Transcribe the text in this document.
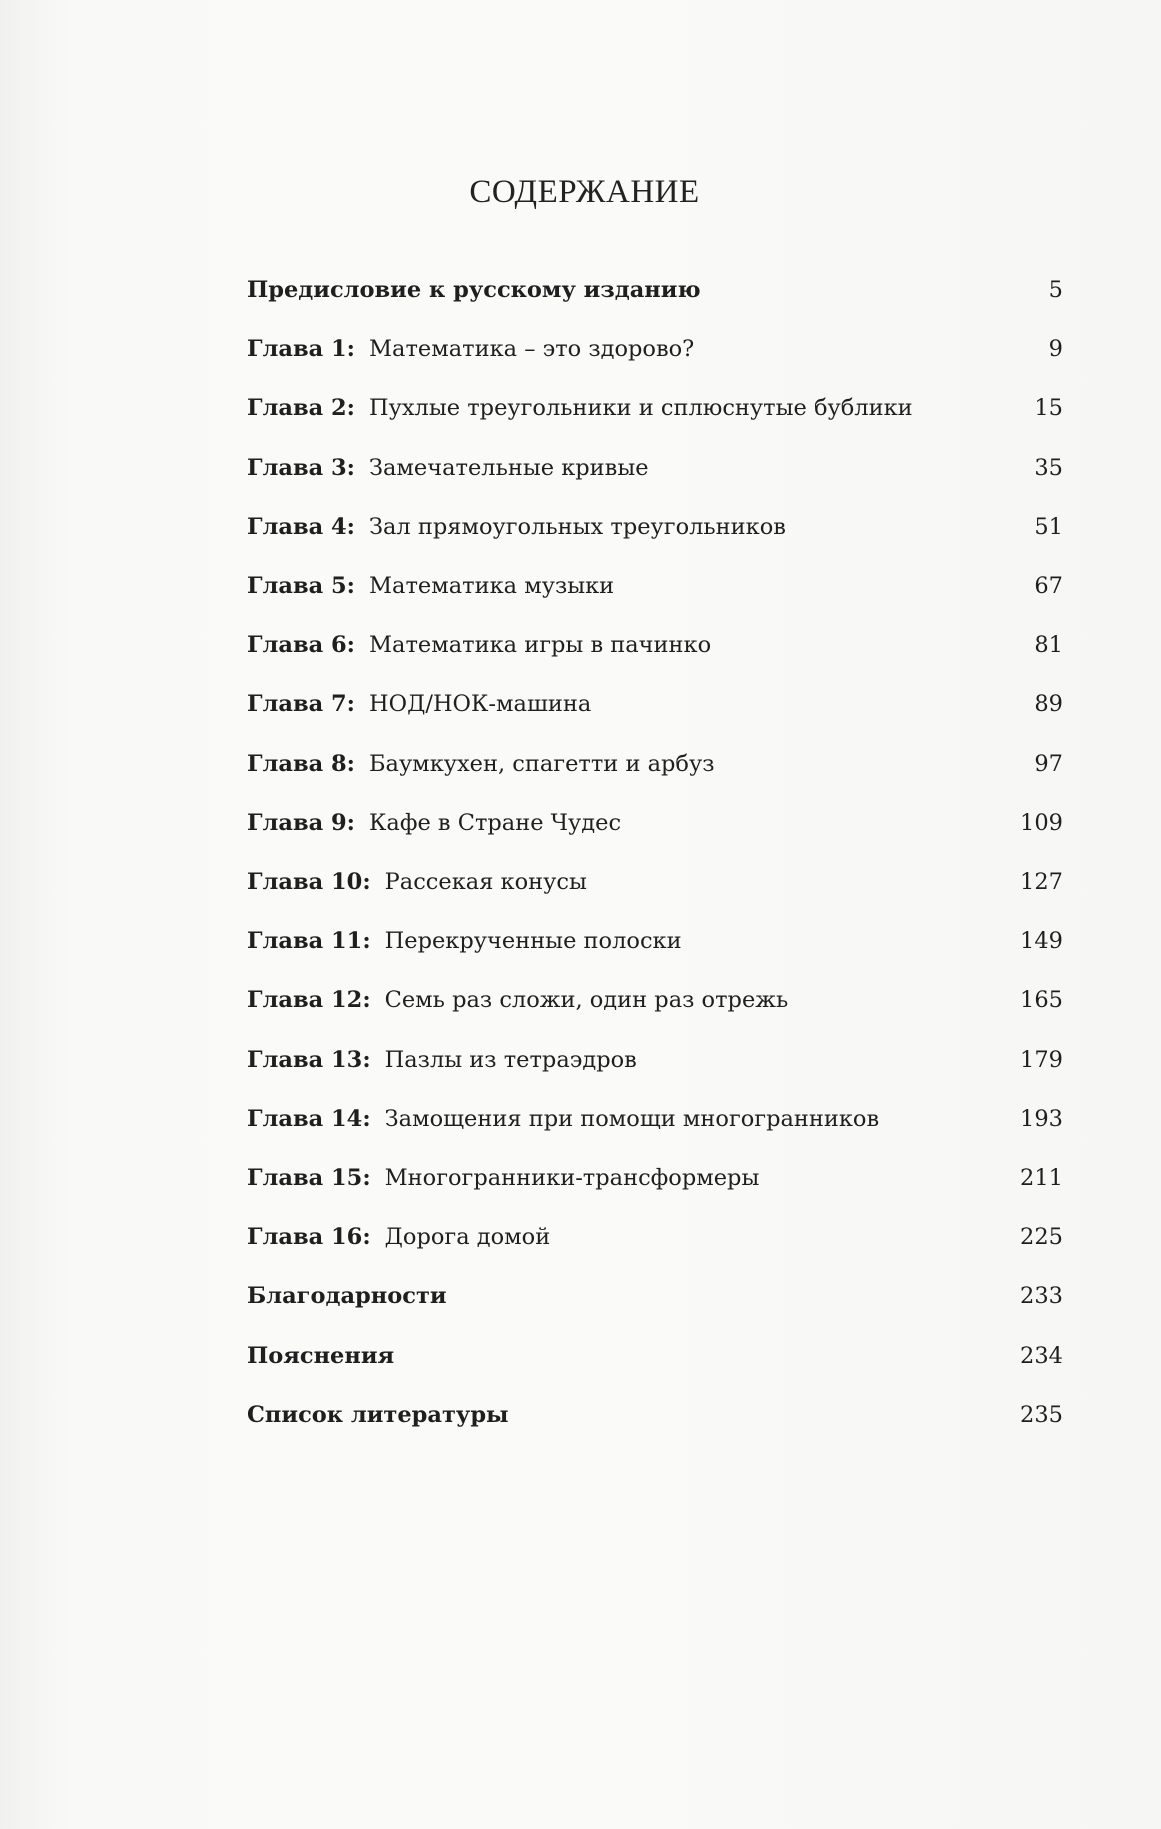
СОДЕРЖАНИЕ
Предисловие к русскому изданию	5
Глава 1: Математика – это здорово?	9
Глава 2: Пухлые треугольники и сплюснутые бублики	15
Глава 3: Замечательные кривые	35
Глава 4: Зал прямоугольных треугольников	51
Глава 5: Математика музыки	67
Глава 6: Математика игры в пачинко	81
Глава 7: НОД/НОК-машина	89
Глава 8: Баумкухен, спагетти и арбуз	97
Глава 9: Кафе в Стране Чудес	109
Глава 10: Рассекая конусы	127
Глава 11: Перекрученные полоски	149
Глава 12: Семь раз сложи, один раз отрежь	165
Глава 13: Пазлы из тетраэдров	179
Глава 14: Замощения при помощи многогранников	193
Глава 15: Многогранники-трансформеры	211
Глава 16: Дорога домой	225
Благодарности	233
Пояснения	234
Список литературы	235
